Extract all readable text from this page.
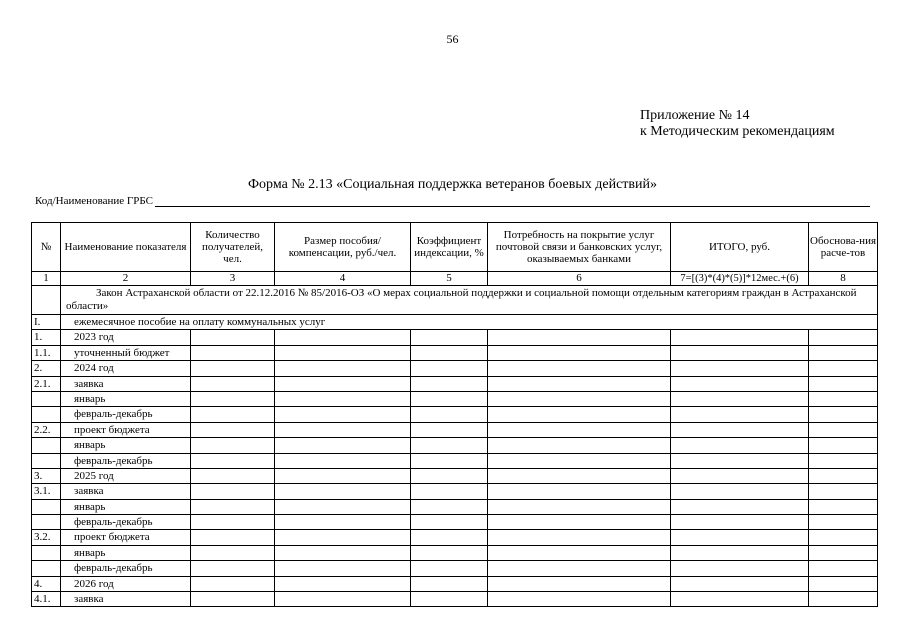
56
Приложение № 14
к Методическим рекомендациям
Форма № 2.13 «Социальная поддержка ветеранов боевых действий»
Код/Наименование ГРБС
№	Наименование показателя	Количество получателей, чел.	Размер пособия/компенсации, руб./чел.	Коэффициент индексации, %	Потребность на покрытие услуг почтовой связи и банковских услуг, оказываемых банками	ИТОГО, руб.	Обоснова-ния расче-тов
1	2	3	4	5	6	7=[(3)*(4)*(5)]*12мес.+(6)	8

	Закон Астраханской области от 22.12.2016 № 85/2016-ОЗ «О мерах социальной поддержки и социальной помощи отдельным категориям граждан в Астраханской области»						

I.	ежемесячное пособие на оплату коммунальных услуг						
1.	2023 год						
1.1.	уточненный бюджет						
2.	2024 год						
2.1.	заявка						
	январь						
	февраль-декабрь						
2.2.	проект бюджета						
	январь						
	февраль-декабрь						
3.	2025 год						
3.1.	заявка						
	январь						
	февраль-декабрь						
3.2.	проект бюджета						
	январь						
	февраль-декабрь						
4.	2026 год						
4.1.	заявка						
